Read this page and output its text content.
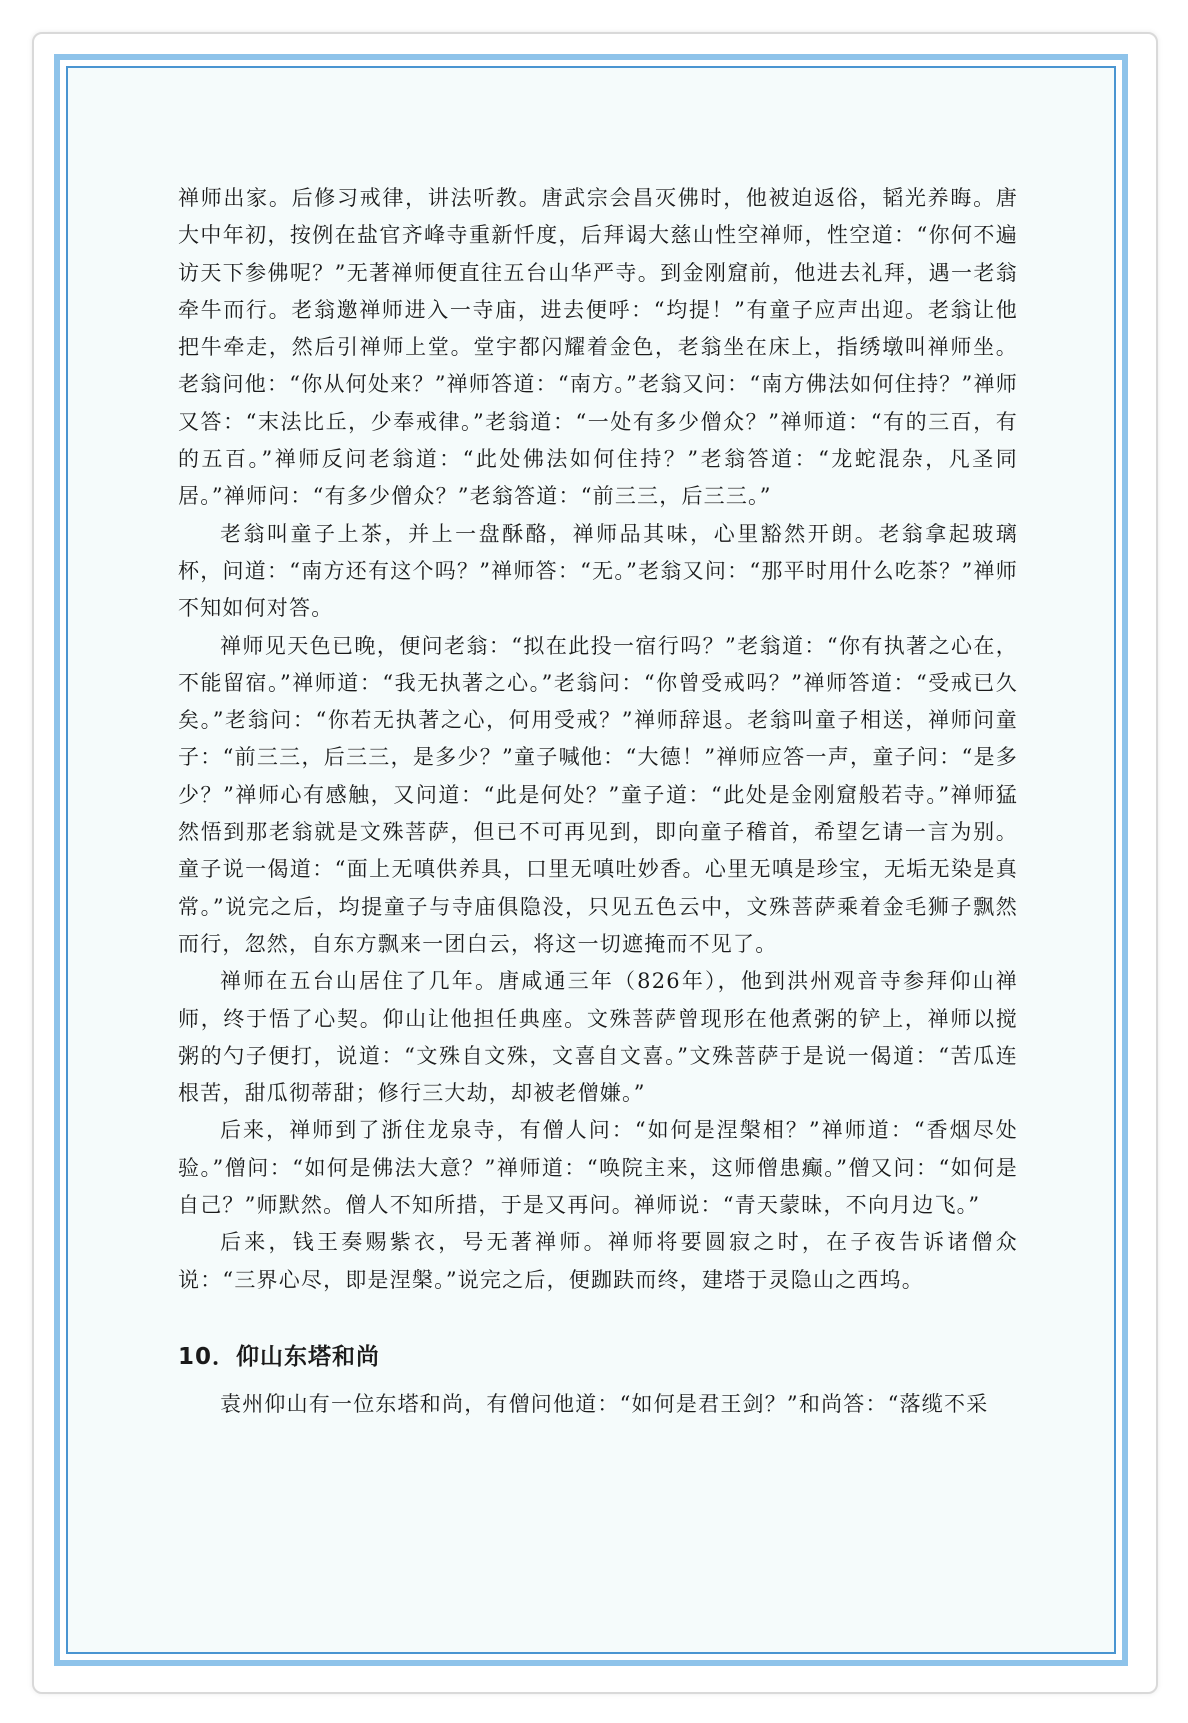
禅师出家。后修习戒律，讲法听教。唐武宗会昌灭佛时，他被迫返俗，韬光养晦。唐大中年初，按例在盐官齐峰寺重新忏度，后拜谒大慈山性空禅师，性空道：“你何不遍访天下参佛呢？”无著禅师便直往五台山华严寺。到金刚窟前，他进去礼拜，遇一老翁牵牛而行。老翁邀禅师进入一寺庙，进去便呼：“均提！”有童子应声出迎。老翁让他把牛牵走，然后引禅师上堂。堂宇都闪耀着金色，老翁坐在床上，指绣墩叫禅师坐。老翁问他：“你从何处来？”禅师答道：“南方。”老翁又问：“南方佛法如何住持？”禅师又答：“末法比丘，少奉戒律。”老翁道：“一处有多少僧众？”禅师道：“有的三百，有的五百。”禅师反问老翁道：“此处佛法如何住持？”老翁答道：“龙蛇混杂，凡圣同居。”禅师问：“有多少僧众？”老翁答道：“前三三，后三三。”

老翁叫童子上茶，并上一盘酥酪，禅师品其味，心里豁然开朗。老翁拿起玻璃杯，问道：“南方还有这个吗？”禅师答：“无。”老翁又问：“那平时用什么吃茶？”禅师不知如何对答。

禅师见天色已晚，便问老翁：“拟在此投一宿行吗？”老翁道：“你有执著之心在，不能留宿。”禅师道：“我无执著之心。”老翁问：“你曾受戒吗？”禅师答道：“受戒已久矣。”老翁问：“你若无执著之心，何用受戒？”禅师辞退。老翁叫童子相送，禅师问童子：“前三三，后三三，是多少？”童子喊他：“大德！”禅师应答一声，童子问：“是多少？”禅师心有感触，又问道：“此是何处？”童子道：“此处是金刚窟般若寺。”禅师猛然悟到那老翁就是文殊菩萨，但已不可再见到，即向童子稽首，希望乞请一言为别。童子说一偈道：“面上无嗔供养具，口里无嗔吐妙香。心里无嗔是珍宝，无垢无染是真常。”说完之后，均提童子与寺庙俱隐没，只见五色云中，文殊菩萨乘着金毛狮子飘然而行，忽然，自东方飘来一团白云，将这一切遮掩而不见了。

禅师在五台山居住了几年。唐咸通三年（826年），他到洪州观音寺参拜仰山禅师，终于悟了心契。仰山让他担任典座。文殊菩萨曾现形在他煮粥的铲上，禅师以搅粥的勺子便打，说道：“文殊自文殊，文喜自文喜。”文殊菩萨于是说一偈道：“苦瓜连根苦，甜瓜彻蒂甜；修行三大劫，却被老僧嫌。”

后来，禅师到了浙住龙泉寺，有僧人问：“如何是涅槃相？”禅师道：“香烟尽处验。”僧问：“如何是佛法大意？”禅师道：“唤院主来，这师僧患癫。”僧又问：“如何是自己？”师默然。僧人不知所措，于是又再问。禅师说：“青天蒙昧，不向月边飞。”

后来，钱王奏赐紫衣，号无著禅师。禅师将要圆寂之时，在子夜告诉诸僧众说：“三界心尽，即是涅槃。”说完之后，便跏趺而终，建塔于灵隐山之西坞。

10．仰山东塔和尚

袁州仰山有一位东塔和尚，有僧问他道：“如何是君王剑？”和尚答：“落缆不采
